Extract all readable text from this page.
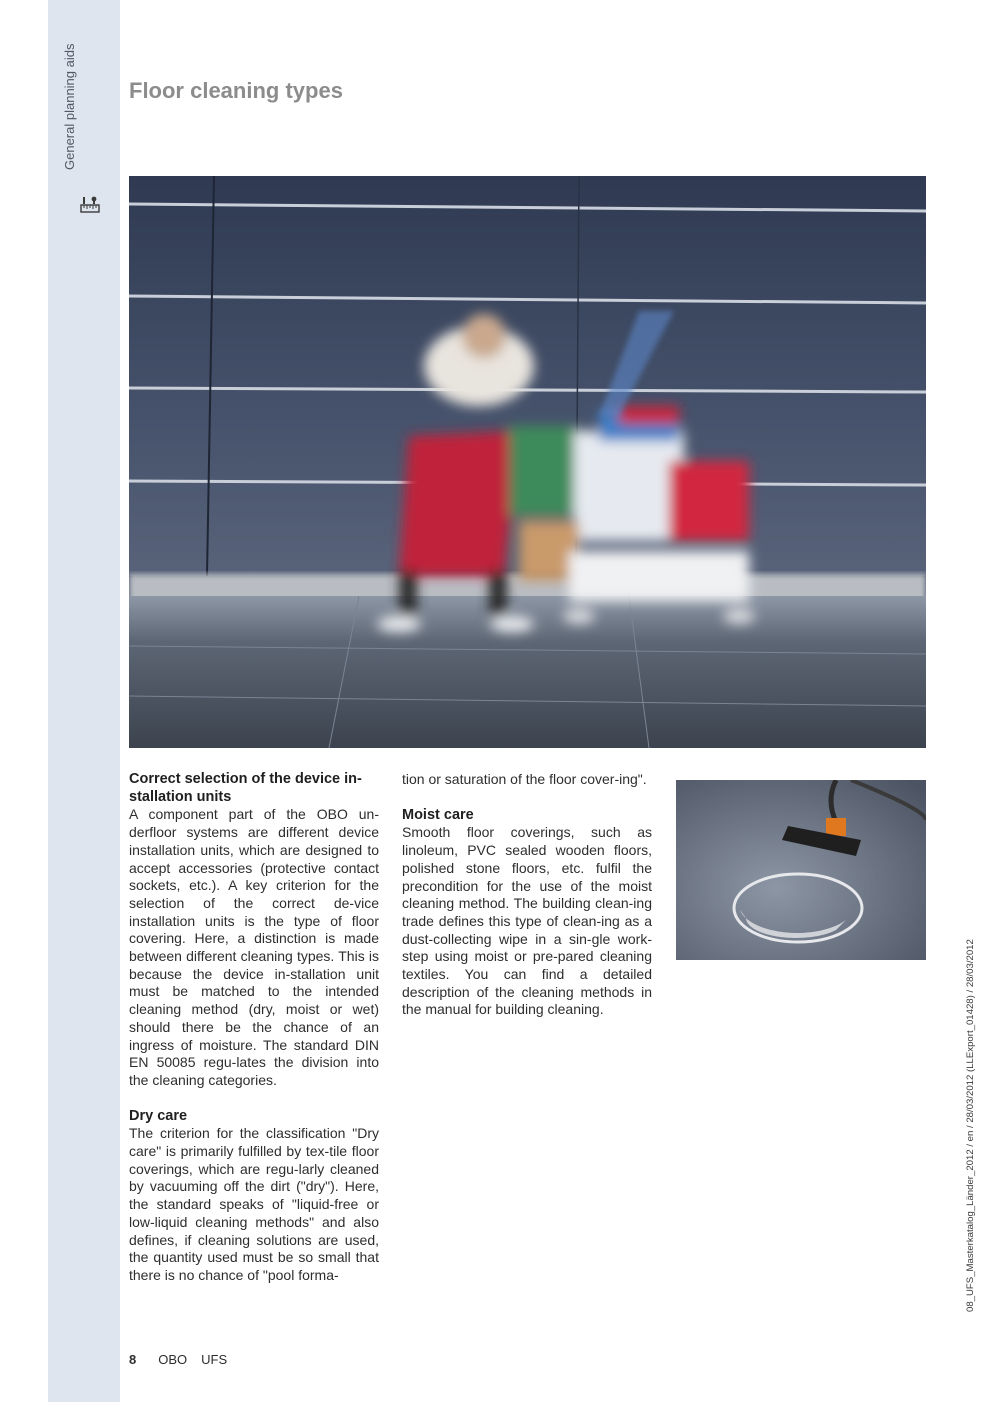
General planning aids Floor cleaning types
Correct selection of the device in-stallation units

A component part of the OBO un-derfloor systems are different device installation units, which are designed to accept accessories (protective contact sockets, etc.). A key criterion for the selection of the correct de-vice installation units is the type of floor covering. Here, a distinction is made between different cleaning types. This is because the device in-stallation unit must be matched to the intended cleaning method (dry, moist or wet) should there be the chance of an ingress of moisture. The standard DIN EN 50085 regu-lates the division into the cleaning categories.

Dry care

The criterion for the classification "Dry care" is primarily fulfilled by tex-tile floor coverings, which are regu-larly cleaned by vacuuming off the dirt ("dry"). Here, the standard speaks of "liquid-free or low-liquid cleaning methods" and also defines, if cleaning solutions are used, the quantity used must be so small that there is no chance of "pool forma-

tion or saturation of the floor cover-ing".

Moist care

Smooth floor coverings, such as linoleum, PVC sealed wooden floors, polished stone floors, etc. fulfil the precondition for the use of the moist cleaning method. The building clean-ing trade defines this type of clean-ing as a dust-collecting wipe in a sin-gle work-step using moist or pre-pared cleaning textiles. You can find a detailed description of the cleaning methods in the manual for building cleaning.

8 OBO UFS
08_UFS_Masterkatalog_Länder_2012 / en / 28/03/2012 (LLExport_01428) / 28/03/2012
